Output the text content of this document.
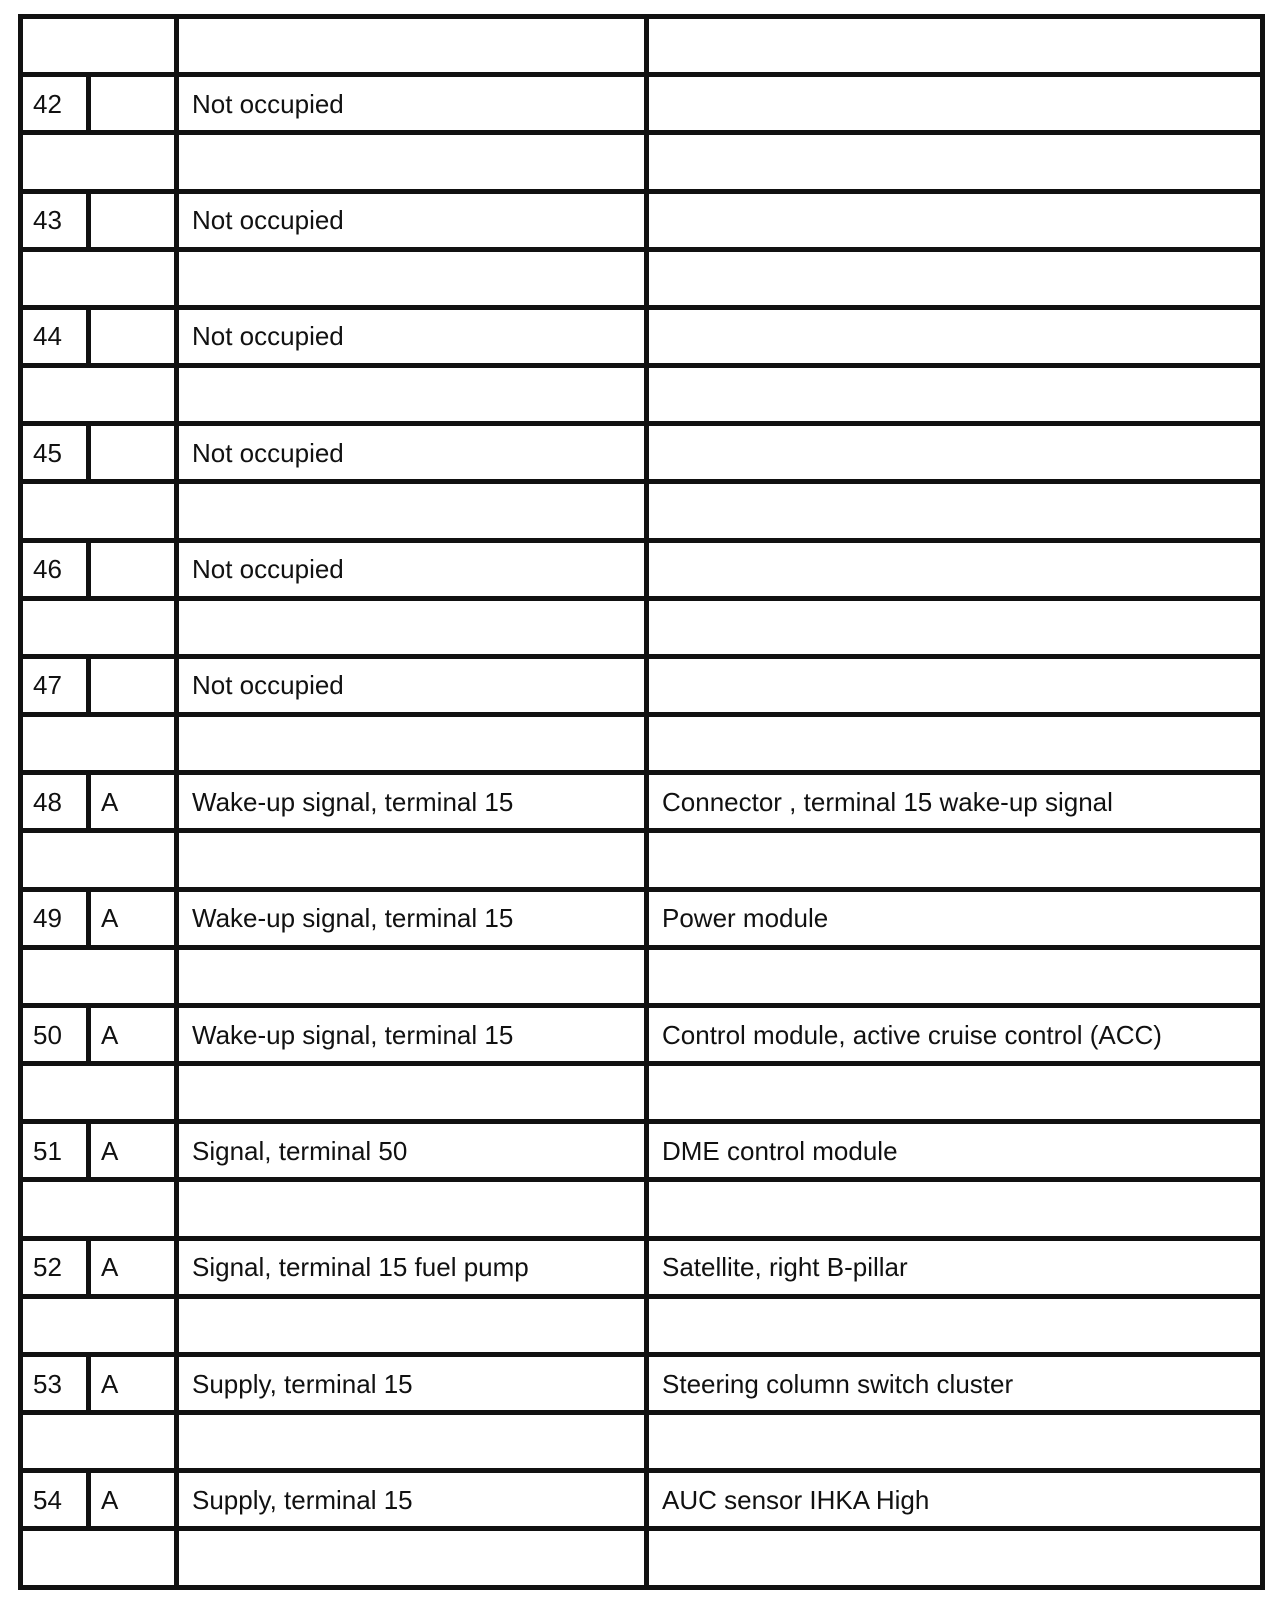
42		Not occupied	

43		Not occupied	

44		Not occupied	

45		Not occupied	

46		Not occupied	

47		Not occupied	

48	A	Wake-up signal, terminal 15	Connector , terminal 15 wake-up signal

49	A	Wake-up signal, terminal 15	Power module

50	A	Wake-up signal, terminal 15	Control module, active cruise control (ACC)

51	A	Signal, terminal 50	DME control module

52	A	Signal, terminal 15 fuel pump	Satellite, right B-pillar

53	A	Supply, terminal 15	Steering column switch cluster

54	A	Supply, terminal 15	AUC sensor IHKA High
